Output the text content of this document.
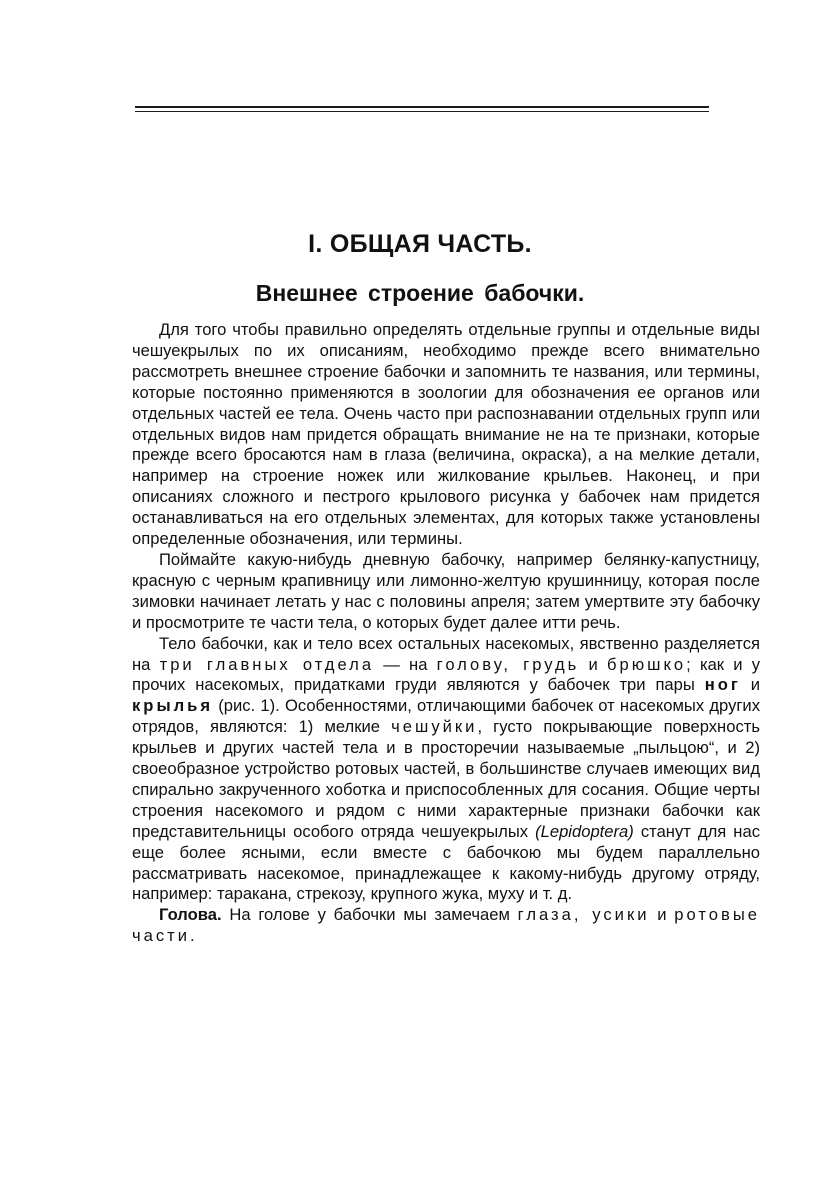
I. ОБЩАЯ ЧАСТЬ.
Внешнее строение бабочки.

Для того чтобы правильно определять отдельные группы и отдельные виды чешуекрылых по их описаниям, необходимо прежде всего внимательно рассмотреть внешнее строение бабочки и запомнить те названия, или термины, которые постоянно применяются в зоологии для обозначения ее органов или отдельных частей ее тела. Очень часто при распознавании отдельных групп или отдельных видов нам придется обращать внимание не на те признаки, которые прежде всего бросаются нам в глаза (величина, окраска), а на мелкие детали, например на строение ножек или жилкование крыльев. Наконец, и при описаниях сложного и пестрого крылового рисунка у бабочек нам придется останавливаться на его отдельных элементах, для которых также установлены определенные обозначения, или термины.

Поймайте какую-нибудь дневную бабочку, например белянку-капустницу, красную с черным крапивницу или лимонно-желтую крушинницу, которая после зимовки начинает летать у нас с половины апреля; затем умертвите эту бабочку и просмотрите те части тела, о которых будет далее итти речь.

Тело бабочки, как и тело всех остальных насекомых, явственно разделяется на три главных отдела — на голову, грудь и брюшко; как и у прочих насекомых, придатками груди являются у бабочек три пары ног и крылья (рис. 1). Особенностями, отличающими бабочек от насекомых других отрядов, являются: 1) мелкие чешуйки, густо покрывающие поверхность крыльев и других частей тела и в просторечии называемые „пыльцою“, и 2) своеобразное устройство ротовых частей, в большинстве случаев имеющих вид спирально закрученного хоботка и приспособленных для сосания. Общие черты строения насекомого и рядом с ними характерные признаки бабочки как представительницы особого отряда чешуекрылых (Lepidoptera) станут для нас еще более ясными, если вместе с бабочкою мы будем параллельно рассматривать насекомое, принадлежащее к какому-нибудь другому отряду, например: таракана, стрекозу, крупного жука, муху и т. д.

Голова. На голове у бабочки мы замечаем глаза, усики и ротовые части.
